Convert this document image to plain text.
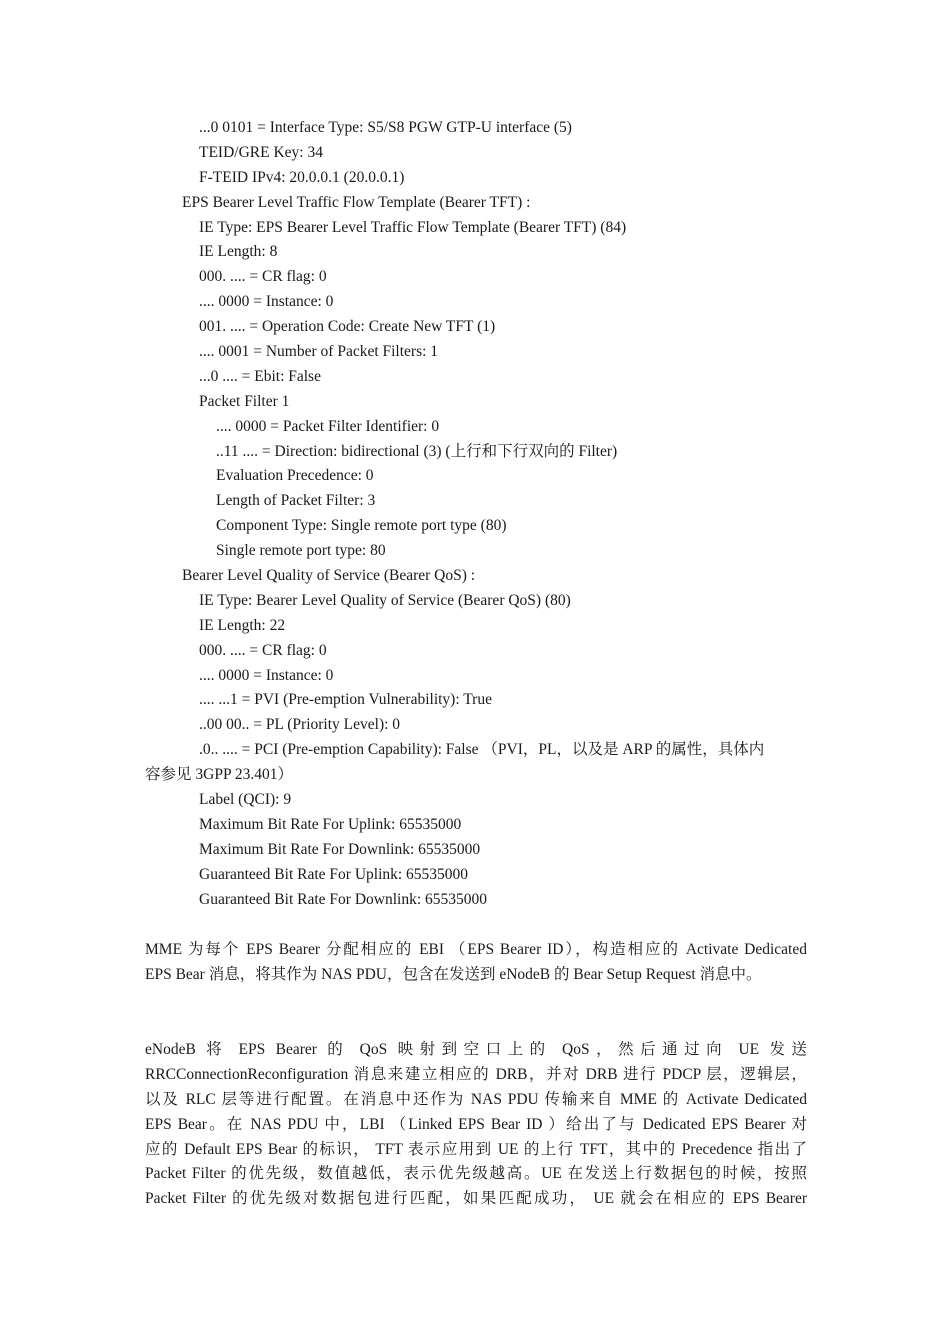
...0 0101 = Interface Type: S5/S8 PGW GTP-U interface (5)
TEID/GRE Key: 34
F-TEID IPv4: 20.0.0.1 (20.0.0.1)
EPS Bearer Level Traffic Flow Template (Bearer TFT) :
IE Type: EPS Bearer Level Traffic Flow Template (Bearer TFT) (84)
IE Length: 8
000. .... = CR flag: 0
.... 0000 = Instance: 0
001. .... = Operation Code: Create New TFT (1)
.... 0001 = Number of Packet Filters: 1
...0 .... = Ebit: False
Packet Filter 1
.... 0000 = Packet Filter Identifier: 0
..11 .... = Direction: bidirectional (3) (上行和下行双向的 Filter)
Evaluation Precedence: 0
Length of Packet Filter: 3
Component Type: Single remote port type (80)
Single remote port type: 80
Bearer Level Quality of Service (Bearer QoS) :
IE Type: Bearer Level Quality of Service (Bearer QoS) (80)
IE Length: 22
000. .... = CR flag: 0
.... 0000 = Instance: 0
.... ...1 = PVI (Pre-emption Vulnerability): True
..00 00.. = PL (Priority Level): 0
.0.. .... = PCI (Pre-emption Capability): False （PVI，PL，以及是 ARP 的属性，具体内
容参见 3GPP 23.401）
Label (QCI): 9
Maximum Bit Rate For Uplink: 65535000
Maximum Bit Rate For Downlink: 65535000
Guaranteed Bit Rate For Uplink: 65535000
Guaranteed Bit Rate For Downlink: 65535000
MME 为每个 EPS Bearer 分配相应的 EBI （EPS Bearer ID），构造相应的 Activate Dedicated
EPS Bear 消息，将其作为 NAS PDU，包含在发送到 eNodeB 的 Bear Setup Request 消息中。
eNodeB 将 EPS Bearer 的 QoS 映射到空口上的 QoS，然后通过向 UE 发送
RRCConnectionReconfiguration 消息来建立相应的 DRB，并对 DRB 进行 PDCP 层，逻辑层，
以及 RLC 层等进行配置。在消息中还作为 NAS PDU 传输来自 MME 的 Activate Dedicated
EPS Bear。在 NAS PDU 中，LBI （Linked EPS Bear ID ）给出了与 Dedicated EPS Bearer 对
应的 Default EPS Bear 的标识， TFT 表示应用到 UE 的上行 TFT，其中的 Precedence 指出了
Packet Filter 的优先级，数值越低，表示优先级越高。UE 在发送上行数据包的时候，按照
Packet Filter 的优先级对数据包进行匹配，如果匹配成功， UE 就会在相应的 EPS Bearer
